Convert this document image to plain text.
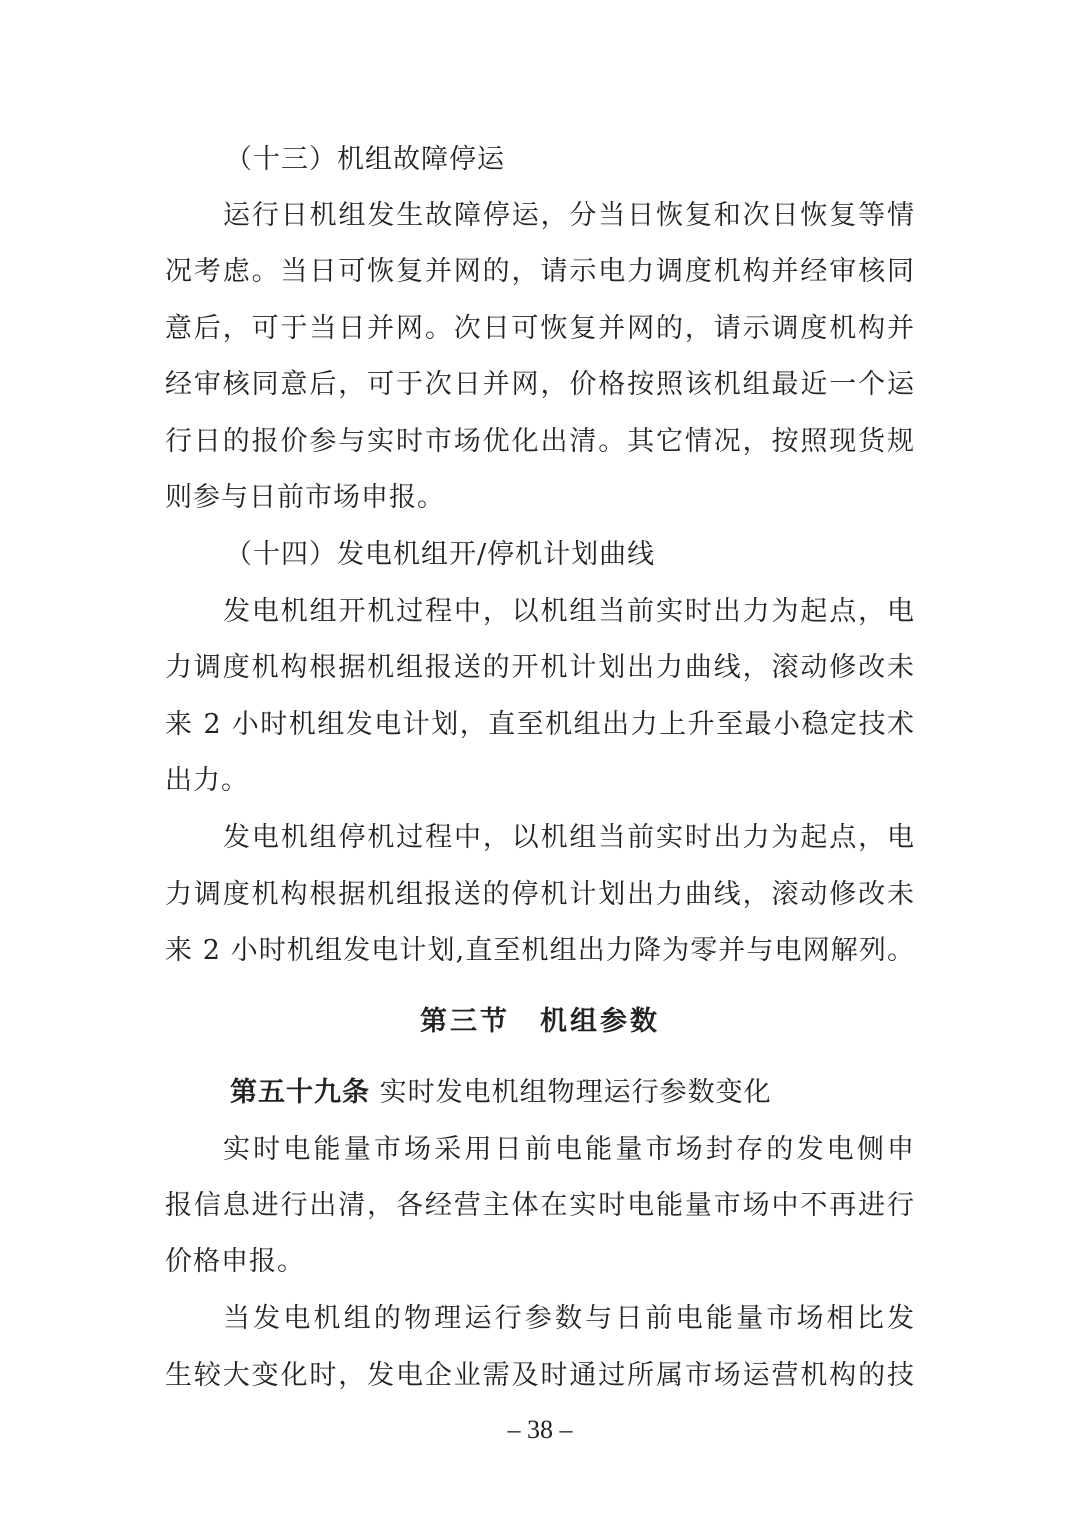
（十三）机组故障停运
运行日机组发生故障停运，分当日恢复和次日恢复等情
况考虑。当日可恢复并网的，请示电力调度机构并经审核同
意后，可于当日并网。次日可恢复并网的，请示调度机构并
经审核同意后，可于次日并网，价格按照该机组最近一个运
行日的报价参与实时市场优化出清。其它情况，按照现货规
则参与日前市场申报。
（十四）发电机组开/停机计划曲线
发电机组开机过程中，以机组当前实时出力为起点，电
力调度机构根据机组报送的开机计划出力曲线，滚动修改未
来 2 小时机组发电计划，直至机组出力上升至最小稳定技术
出力。
发电机组停机过程中，以机组当前实时出力为起点，电
力调度机构根据机组报送的停机计划出力曲线，滚动修改未
来 2 小时机组发电计划,直至机组出力降为零并与电网解列。
第三节　机组参数
第五十九条 实时发电机组物理运行参数变化
实时电能量市场采用日前电能量市场封存的发电侧申
报信息进行出清，各经营主体在实时电能量市场中不再进行
价格申报。
当发电机组的物理运行参数与日前电能量市场相比发
生较大变化时，发电企业需及时通过所属市场运营机构的技
– 38 –
